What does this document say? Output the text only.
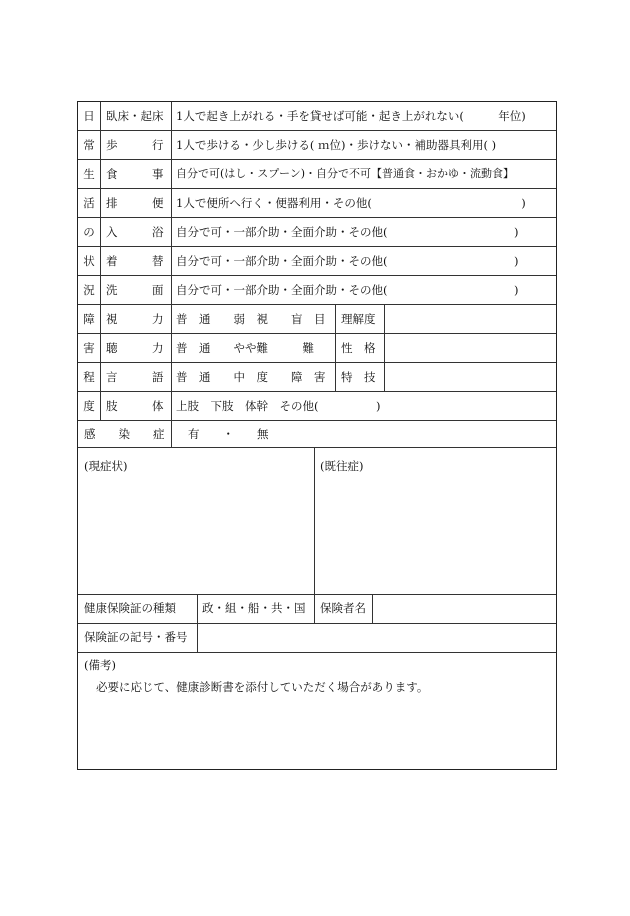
日
常
生
活
の
状
況
障
害
程
度
臥床・起床
歩　　　行
食　　　事
排　　　便
入　　　浴
着　　　替
洗　　　面
1人で起き上がれる・手を貸せば可能・起き上がれない(　　　年位)
1人で歩ける・少し歩ける( ｍ位)・歩けない・補助器具利用( )
自分で可(はし・スプーン)・自分で不可【普通食・おかゆ・流動食】
1人で便所へ行く・便器利用・その他(　　　　　　　　　　　　　)
自分で可・一部介助・全面介助・その他(　　　　　　　　　　　)
自分で可・一部介助・全面介助・その他(　　　　　　　　　　　)
自分で可・一部介助・全面介助・その他(　　　　　　　　　　　)
視　　　力
聴　　　力
言　　　語
肢　　　体
普　通　　弱　視　　盲　目
普　通　　やや難　　　難
普　通　　中　度　　障　害
上肢　下肢　体幹　その他(　　　　　)
理解度
性　格
特　技
感　　染　　症 有　　・　　無
(現症状)	(既往症)
健康保険証の種類 政・組・船・共・国 保険者名
保険証の記号・番号
(備考)
必要に応じて、健康診断書を添付していただく場合があります。
